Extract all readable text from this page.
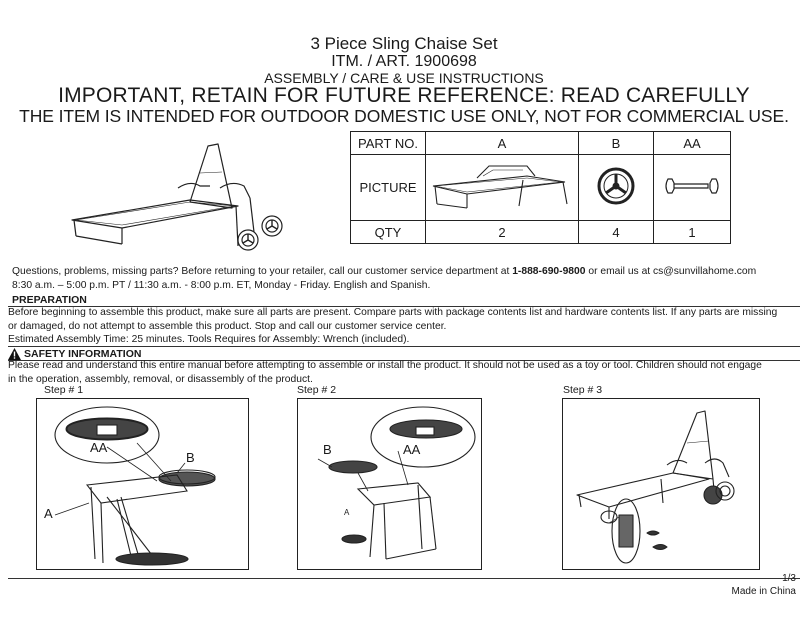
3 Piece Sling Chaise Set
ITM. / ART. 1900698
ASSEMBLY / CARE & USE INSTRUCTIONS
IMPORTANT, RETAIN FOR FUTURE REFERENCE: READ CAREFULLY
THE ITEM IS INTENDED FOR OUTDOOR DOMESTIC USE ONLY, NOT FOR COMMERCIAL USE.
PART NO.	A	B	AA
PICTURE			
QTY	2	4	1
Questions, problems, missing parts? Before returning to your retailer, call our customer service department at 1-888-690-9800 or email us at cs@sunvillahome.com
8:30 a.m. – 5:00 p.m. PT / 11:30 a.m. - 8:00 p.m. ET, Monday - Friday. English and Spanish.
PREPARATION
Before beginning to assemble this product, make sure all parts are present. Compare parts with package contents list and hardware contents list. If any parts are missing
or damaged, do not attempt to assemble this product. Stop and call our customer service center.
Estimated Assembly Time: 25 minutes. Tools Requires for Assembly: Wrench (included).
SAFETY INFORMATION
Please read and understand this entire manual before attempting to assemble or install the product. It should not be used as a toy or tool. Children should not engage
in the operation, assembly, removal, or disassembly of the product.
Step # 1
AA
B
A
Step # 2
A
B	AA
Step # 3
1/3
Made in China
